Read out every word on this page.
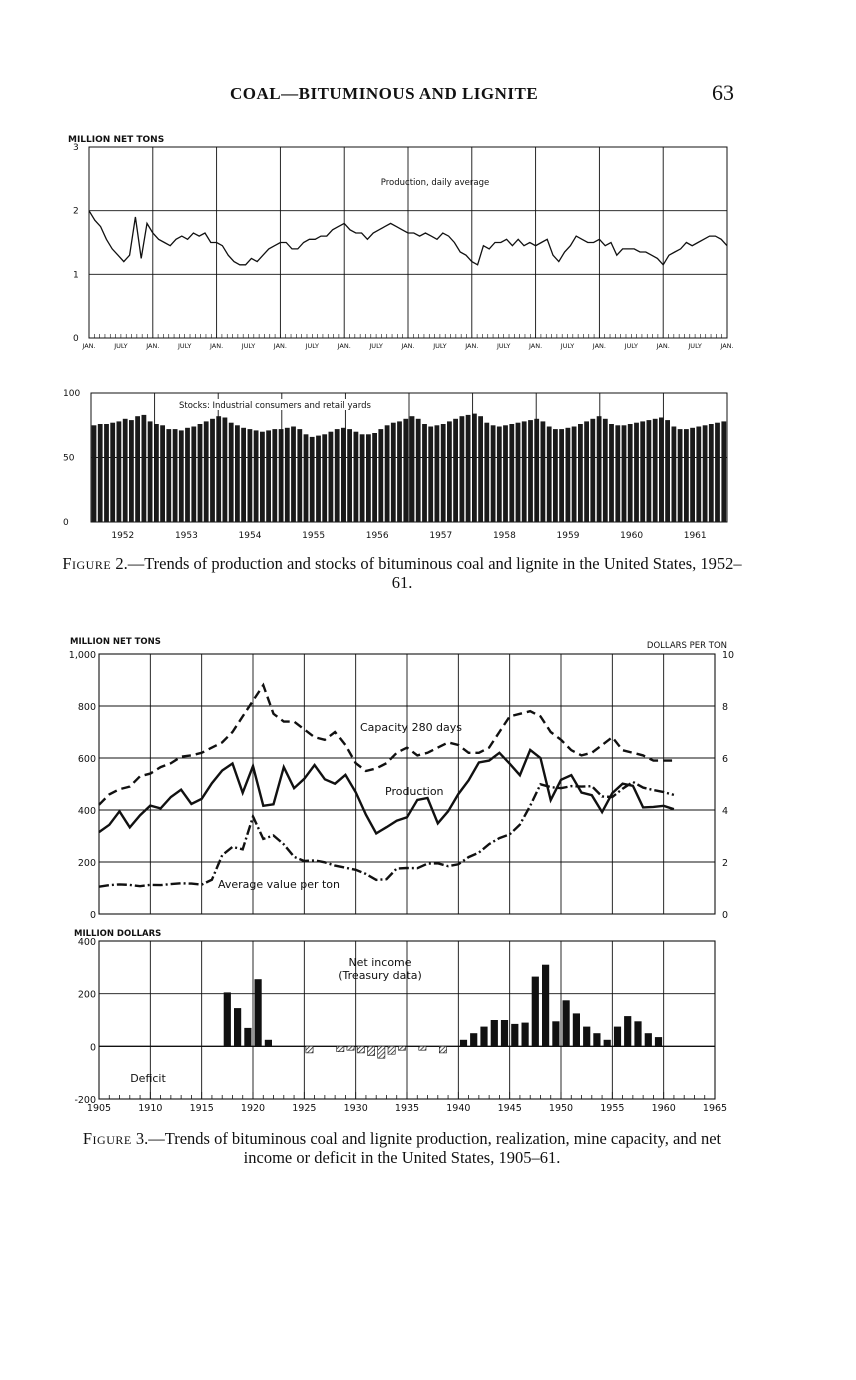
COAL—BITUMINOUS AND LIGNITE	63
MILLION NET TONS
0
1
2
3
JAN.	JULY	JAN.	JULY	JAN.	JULY	JAN.	JULY	JAN.	JULY	JAN.	JULY	JAN.	JULY	JAN.	JULY	JAN.	JULY	JAN.	JULY	JAN.
Production, daily average
0
50
100
1952	1953	1954	1955	1956	1957	1958	1959	1960	1961
Stocks: Industrial consumers and retail yards
Figure 2.—Trends of production and stocks of bituminous coal and lignite in the United States, 1952–61.
MILLION NET TONS	DOLLARS PER TON
0
200
400
600
800
1,000
0
2
4
6
8
10
Capacity 280 days
Production
Average value per ton
MILLION DOLLARS
-200
0
200
400
1905	1910	1915	1920	1925	1930	1935	1940	1945	1950	1955	1960	1965
Net income
(Treasury data)
Deficit
Figure 3.—Trends of bituminous coal and lignite production, realization, mine capacity, and net income or deficit in the United States, 1905–61.
